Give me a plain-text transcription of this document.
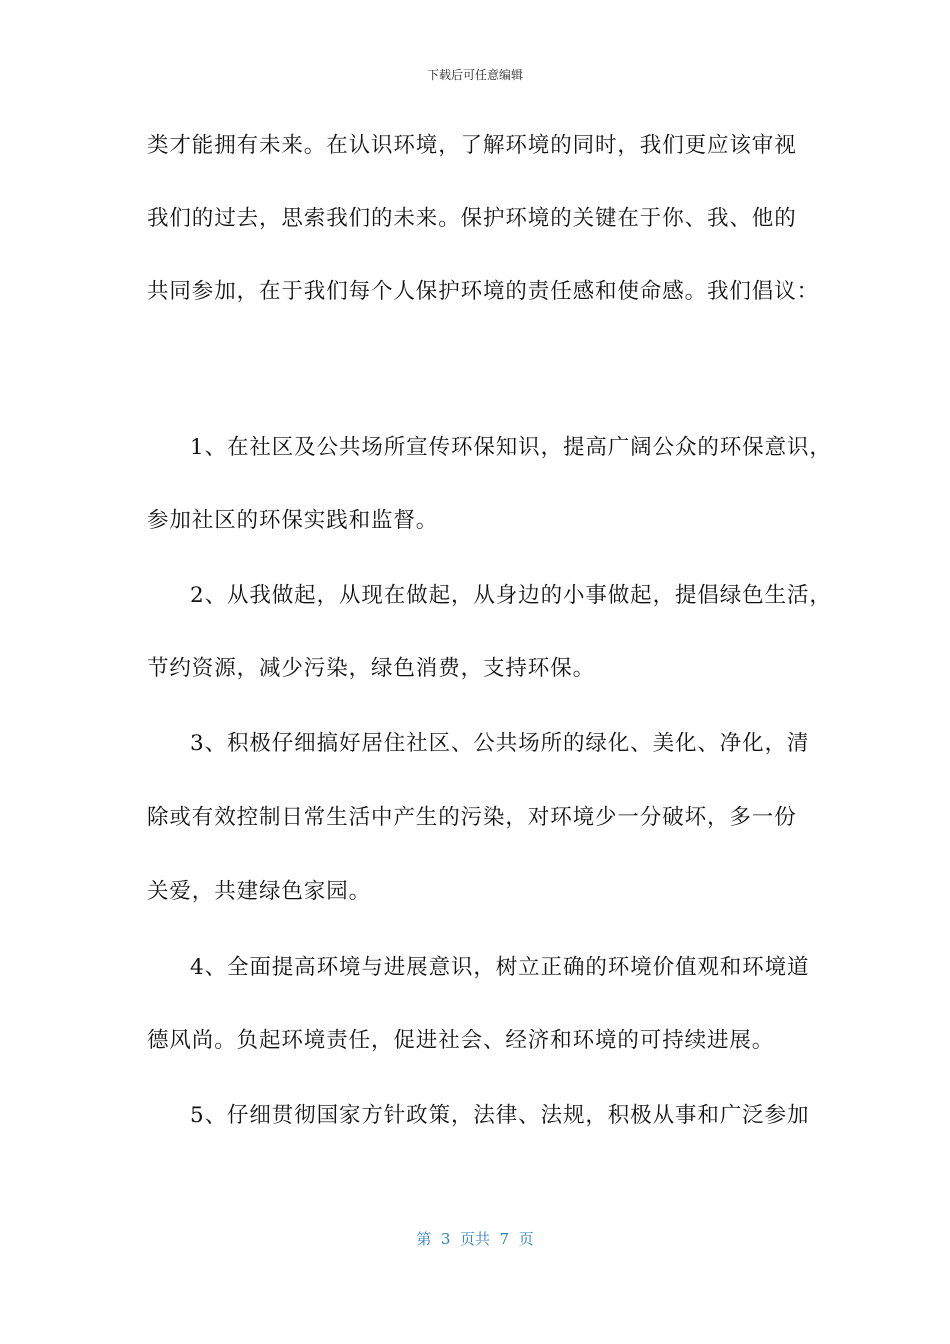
下载后可任意编辑
类才能拥有未来。在认识环境，了解环境的同时，我们更应该审视
我们的过去，思索我们的未来。保护环境的关键在于你、我、他的
共同参加，在于我们每个人保护环境的责任感和使命感。我们倡议：
1、在社区及公共场所宣传环保知识，提高广阔公众的环保意识，
参加社区的环保实践和监督。
2、从我做起，从现在做起，从身边的小事做起，提倡绿色生活，
节约资源，减少污染，绿色消费，支持环保。
3、积极仔细搞好居住社区、公共场所的绿化、美化、净化，清
除或有效控制日常生活中产生的污染，对环境少一分破坏，多一份
关爱，共建绿色家园。
4、全面提高环境与进展意识，树立正确的环境价值观和环境道
德风尚。负起环境责任，促进社会、经济和环境的可持续进展。
5、仔细贯彻国家方针政策，法律、法规，积极从事和广泛参加
第  3  页共  7  页
